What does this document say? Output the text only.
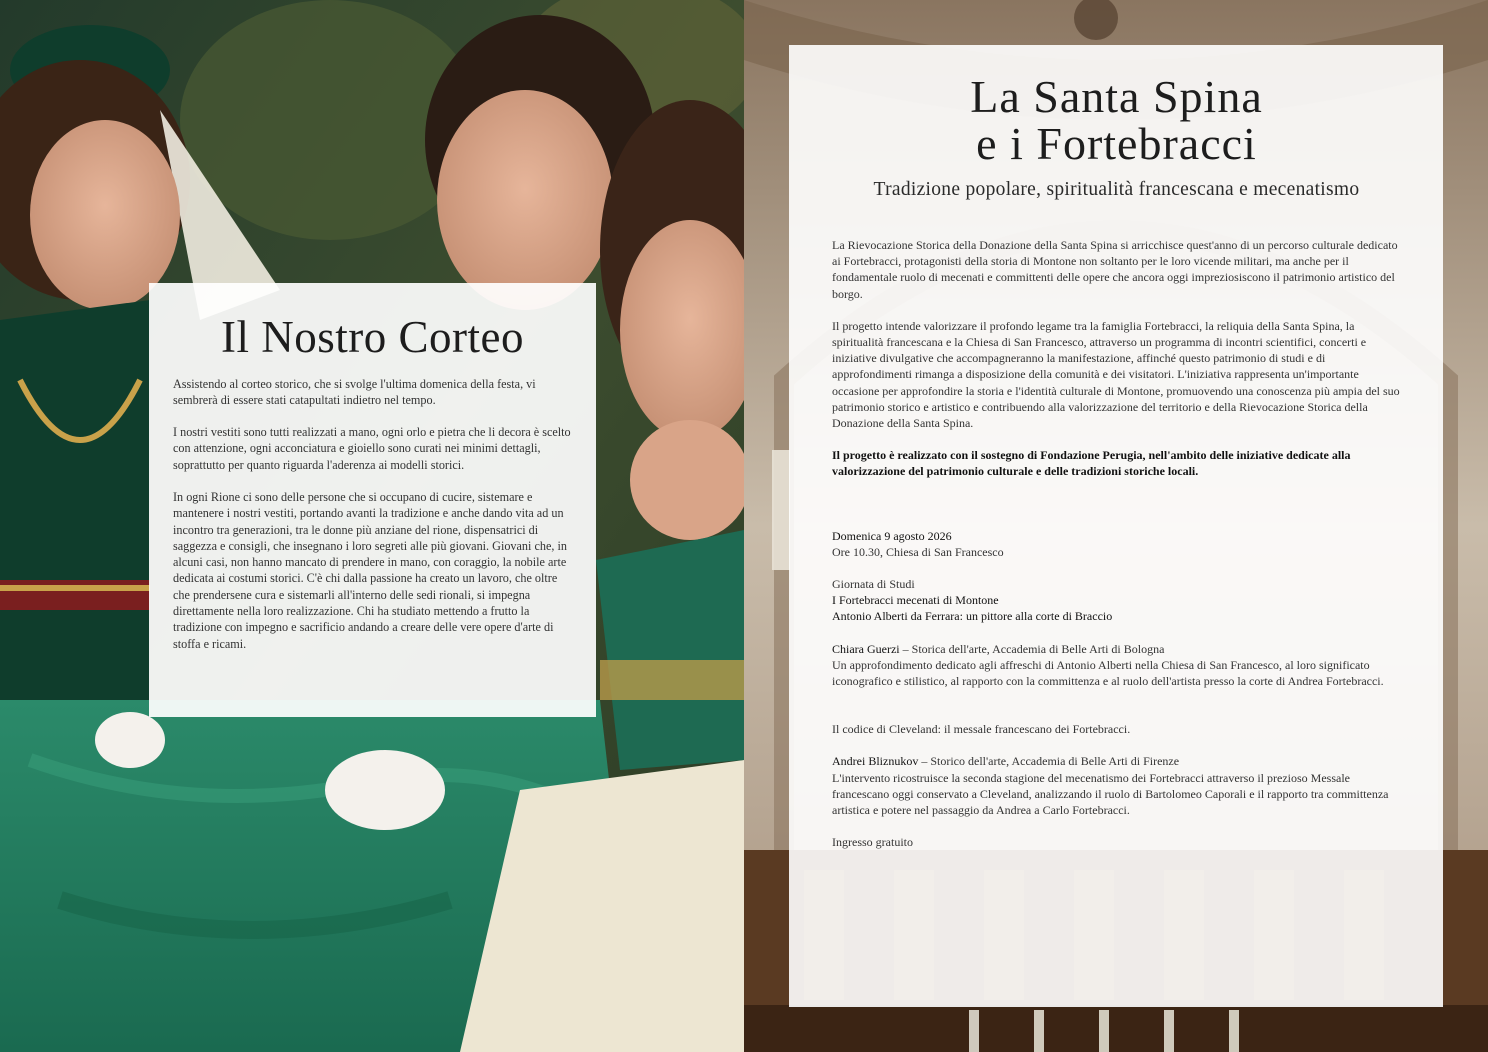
Il Nostro Corteo

Assistendo al corteo storico, che si svolge l'ultima domenica della festa, vi sembrerà di essere stati catapultati indietro nel tempo.

I nostri vestiti sono tutti realizzati a mano, ogni orlo e pietra che li decora è scelto con attenzione, ogni acconciatura e gioiello sono curati nei minimi dettagli, soprattutto per quanto riguarda l'aderenza ai modelli storici.

In ogni Rione ci sono delle persone che si occupano di cucire, sistemare e mantenere i nostri vestiti, portando avanti la tradizione e anche dando vita ad un incontro tra generazioni, tra le donne più anziane del rione, dispensatrici di saggezza e consigli, che insegnano i loro segreti alle più giovani. Giovani che, in alcuni casi, non hanno mancato di prendere in mano, con coraggio, la nobile arte dedicata ai costumi storici. C'è chi dalla passione ha creato un lavoro, che oltre che prendersene cura e sistemarli all'interno delle sedi rionali, si impegna direttamente nella loro realizzazione. Chi ha studiato mettendo a frutto la tradizione con impegno e sacrificio andando a creare delle vere opere d'arte di stoffa e ricami.

La Santa Spina
e i Fortebracci
Tradizione popolare, spiritualità francescana e mecenatismo

La Rievocazione Storica della Donazione della Santa Spina si arricchisce quest'anno di un percorso culturale dedicato ai Fortebracci, protagonisti della storia di Montone non soltanto per le loro vicende militari, ma anche per il fondamentale ruolo di mecenati e committenti delle opere che ancora oggi impreziosiscono il patrimonio artistico del borgo.

Il progetto intende valorizzare il profondo legame tra la famiglia Fortebracci, la reliquia della Santa Spina, la spiritualità francescana e la Chiesa di San Francesco, attraverso un programma di incontri scientifici, concerti e iniziative divulgative che accompagneranno la manifestazione, affinché questo patrimonio di studi e di approfondimenti rimanga a disposizione della comunità e dei visitatori. L'iniziativa rappresenta un'importante occasione per approfondire la storia e l'identità culturale di Montone, promuovendo una conoscenza più ampia del suo patrimonio storico e artistico e contribuendo alla valorizzazione del territorio e della Rievocazione Storica della Donazione della Santa Spina.

Il progetto è realizzato con il sostegno di Fondazione Perugia, nell'ambito delle iniziative dedicate alla valorizzazione del patrimonio culturale e delle tradizioni storiche locali.

Domenica 9 agosto 2026
Ore 10.30, Chiesa di San Francesco

Giornata di Studi
I Fortebracci mecenati di Montone
Antonio Alberti da Ferrara: un pittore alla corte di Braccio

Chiara Guerzi – Storica dell'arte, Accademia di Belle Arti di Bologna
Un approfondimento dedicato agli affreschi di Antonio Alberti nella Chiesa di San Francesco, al loro significato iconografico e stilistico, al rapporto con la committenza e al ruolo dell'artista presso la corte di Andrea Fortebracci.

Il codice di Cleveland: il messale francescano dei Fortebracci.

Andrei Bliznukov – Storico dell'arte, Accademia di Belle Arti di Firenze
L'intervento ricostruisce la seconda stagione del mecenatismo dei Fortebracci attraverso il prezioso Messale francescano oggi conservato a Cleveland, analizzando il ruolo di Bartolomeo Caporali e il rapporto tra committenza artistica e potere nel passaggio da Andrea a Carlo Fortebracci.

Ingresso gratuito
